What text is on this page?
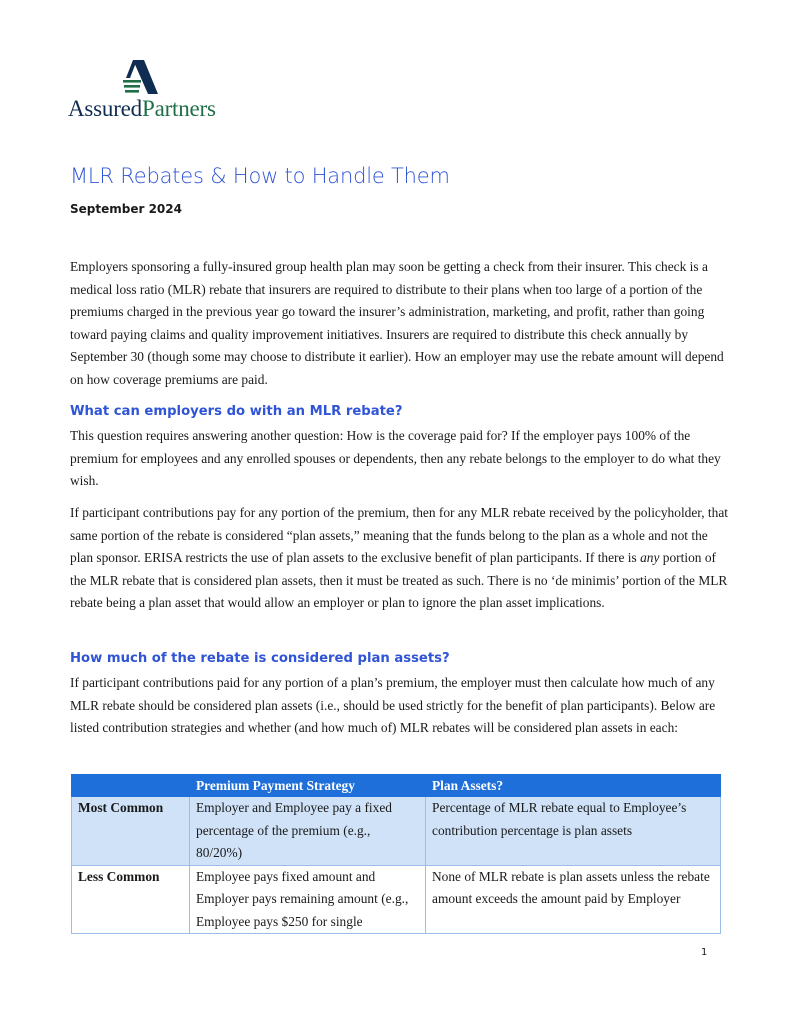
AssuredPartners
MLR Rebates & How to Handle Them
September 2024

Employers sponsoring a fully-insured group health plan may soon be getting a check from their insurer. This check is a medical loss ratio (MLR) rebate that insurers are required to distribute to their plans when too large of a portion of the premiums charged in the previous year go toward the insurer’s administration, marketing, and profit, rather than going toward paying claims and quality improvement initiatives. Insurers are required to distribute this check annually by September 30 (though some may choose to distribute it earlier). How an employer may use the rebate amount will depend on how coverage premiums are paid.

What can employers do with an MLR rebate?

This question requires answering another question: How is the coverage paid for? If the employer pays 100% of the premium for employees and any enrolled spouses or dependents, then any rebate belongs to the employer to do what they wish.

If participant contributions pay for any portion of the premium, then for any MLR rebate received by the policyholder, that same portion of the rebate is considered “plan assets,” meaning that the funds belong to the plan as a whole and not the plan sponsor. ERISA restricts the use of plan assets to the exclusive benefit of plan participants. If there is any portion of the MLR rebate that is considered plan assets, then it must be treated as such. There is no ‘de minimis’ portion of the MLR rebate being a plan asset that would allow an employer or plan to ignore the plan asset implications.

How much of the rebate is considered plan assets?

If participant contributions paid for any portion of a plan’s premium, the employer must then calculate how much of any MLR rebate should be considered plan assets (i.e., should be used strictly for the benefit of plan participants). Below are listed contribution strategies and whether (and how much of) MLR rebates will be considered plan assets in each:

	Premium Payment Strategy	Plan Assets?
Most Common	Employer and Employee pay a fixed percentage of the premium (e.g., 80/20%)	Percentage of MLR rebate equal to Employee’s contribution percentage is plan assets
Less Common	Employee pays fixed amount and Employer pays remaining amount (e.g., Employee pays $250 for single	None of MLR rebate is plan assets unless the rebate amount exceeds the amount paid by Employer
1
